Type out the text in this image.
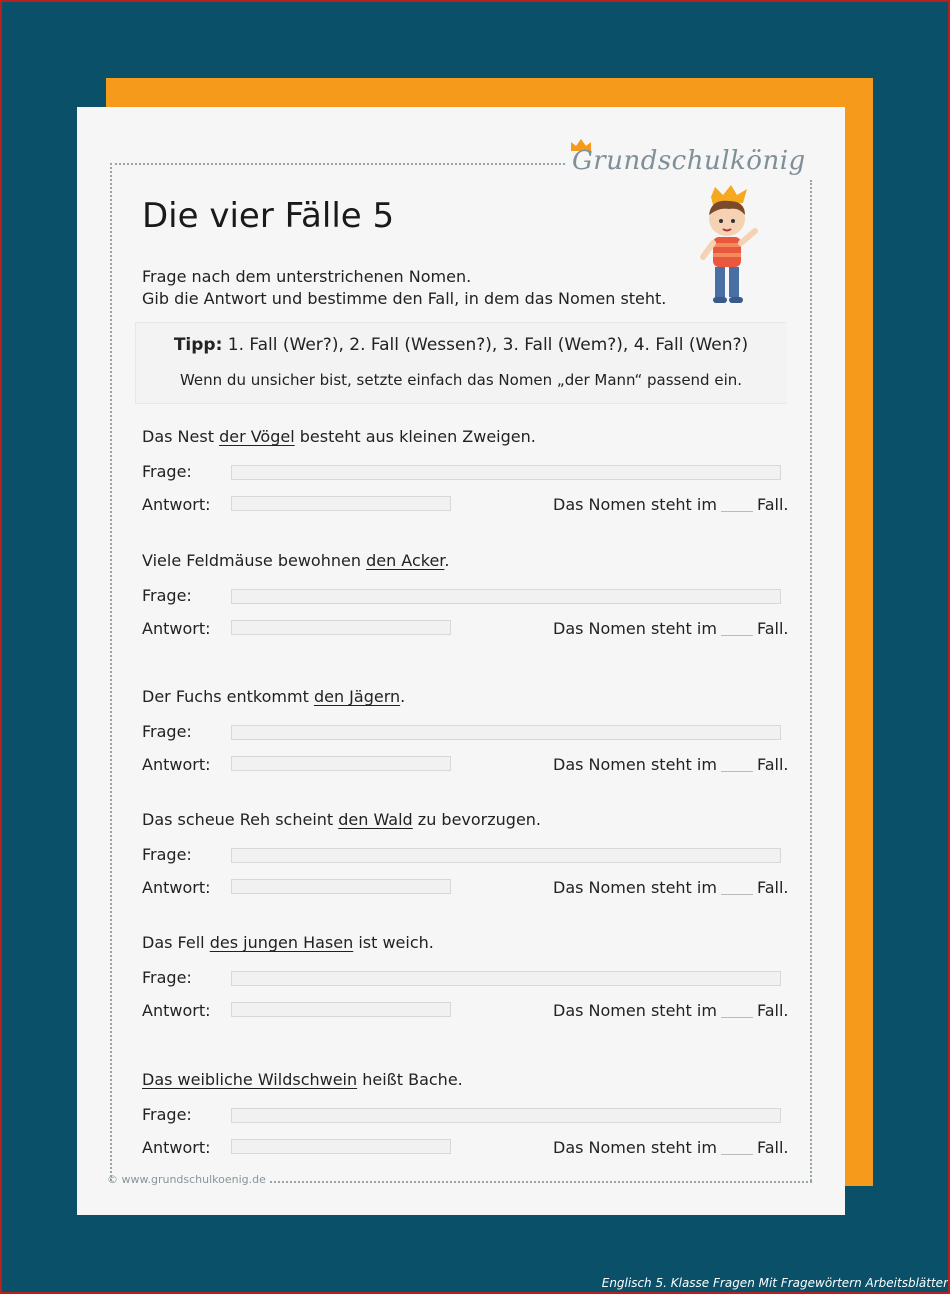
Grundschulkönig
Die vier Fälle 5
Frage nach dem unterstrichenen Nomen.
Gib die Antwort und bestimme den Fall, in dem das Nomen steht.
Tipp: 1. Fall (Wer?), 2. Fall (Wessen?), 3. Fall (Wem?), 4. Fall (Wen?)
Wenn du unsicher bist, setzte einfach das Nomen „der Mann“ passend ein.
Das Nest der Vögel besteht aus kleinen Zweigen.
Frage:
Antwort:	Das Nomen steht im	Fall.
Viele Feldmäuse bewohnen den Acker.
Frage:
Antwort:	Das Nomen steht im	Fall.
Der Fuchs entkommt den Jägern.
Frage:
Antwort:	Das Nomen steht im	Fall.
Das scheue Reh scheint den Wald zu bevorzugen.
Frage:
Antwort:	Das Nomen steht im	Fall.
Das Fell des jungen Hasen ist weich.
Frage:
Antwort:	Das Nomen steht im	Fall.
Das weibliche Wildschwein heißt Bache.
Frage:
Antwort:	Das Nomen steht im	Fall.
© www.grundschulkoenig.de
Englisch 5. Klasse Fragen Mit Fragewörtern Arbeitsblätter
